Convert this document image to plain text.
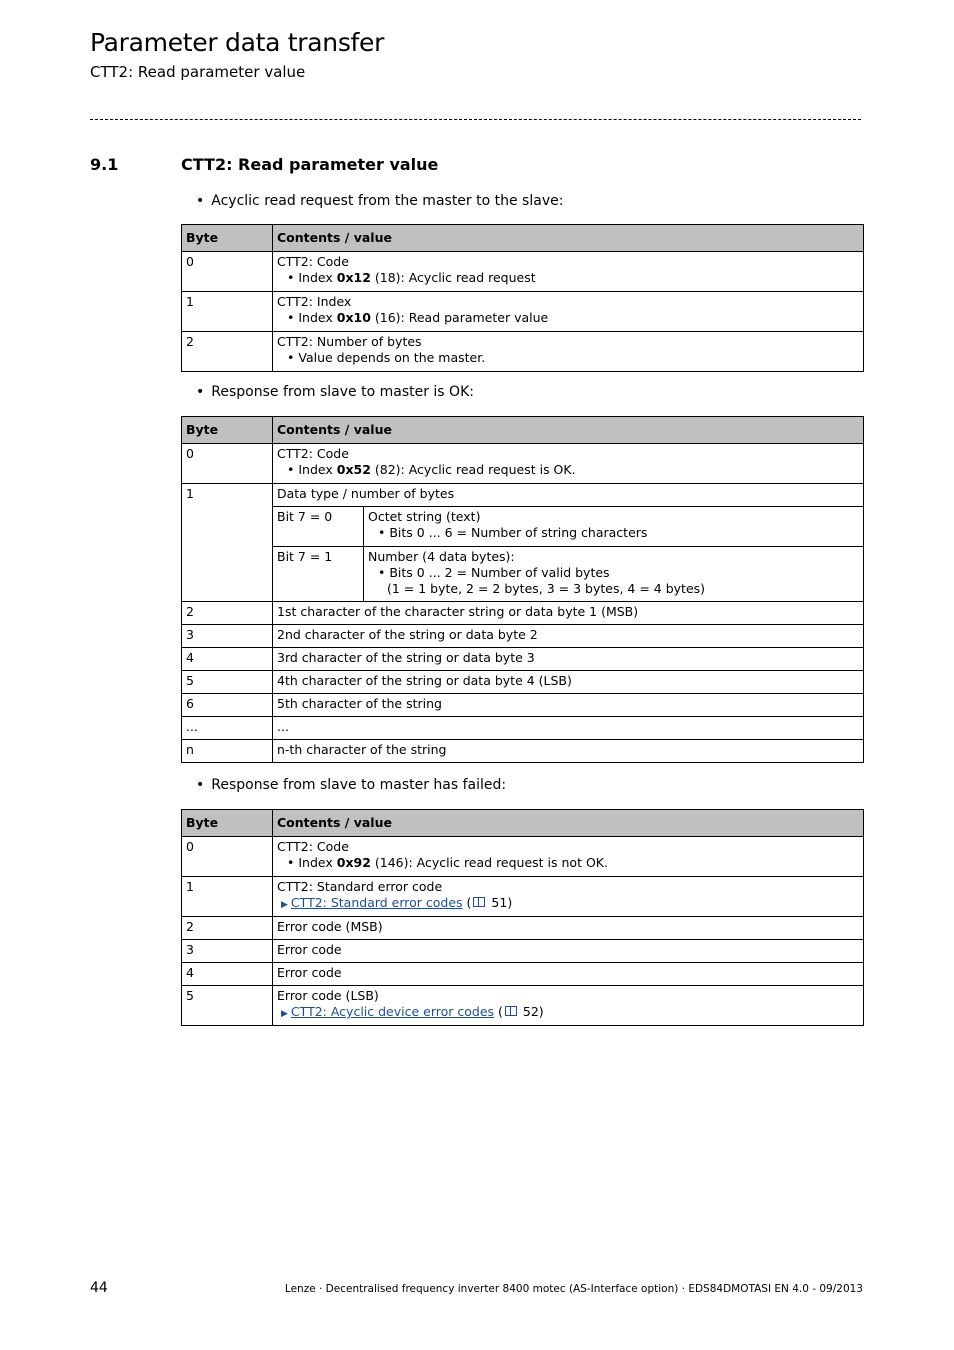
Parameter data transfer
CTT2: Read parameter value
9.1	CTT2: Read parameter value
• Acyclic read request from the master to the slave:
Byte	Contents / value
0	CTT2: Code
• Index 0x12 (18): Acyclic read request

1	CTT2: Index
• Index 0x10 (16): Read parameter value

2	CTT2: Number of bytes
• Value depends on the master.
• Response from slave to master is OK:
Byte	Contents / value	
0	CTT2: Code
• Index 0x52 (82): Acyclic read request is OK.	

1	Data type / number of bytes	
	Bit 7 = 0	Octet string (text)
• Bits 0 ... 6 = Number of string characters

	Bit 7 = 1	Number (4 data bytes):
• Bits 0 ... 2 = Number of valid bytes
(1 = 1 byte, 2 = 2 bytes, 3 = 3 bytes, 4 = 4 bytes)

2	1st character of the character string or data byte 1 (MSB)	
3	2nd character of the string or data byte 2	
4	3rd character of the string or data byte 3	
5	4th character of the string or data byte 4 (LSB)	
6	5th character of the string	
...	...	
n	n-th character of the string	
• Response from slave to master has failed:
Byte	Contents / value
0	CTT2: Code
• Index 0x92 (146): Acyclic read request is not OK.

1	CTT2: Standard error code
▶ CTT2: Standard error codes ( 51)

2	Error code (MSB)
3	Error code
4	Error code
5	Error code (LSB)
▶ CTT2: Acyclic device error codes ( 52)
44	Lenze · Decentralised frequency inverter 8400 motec (AS-Interface option) · EDS84DMOTASI EN 4.0 - 09/2013
